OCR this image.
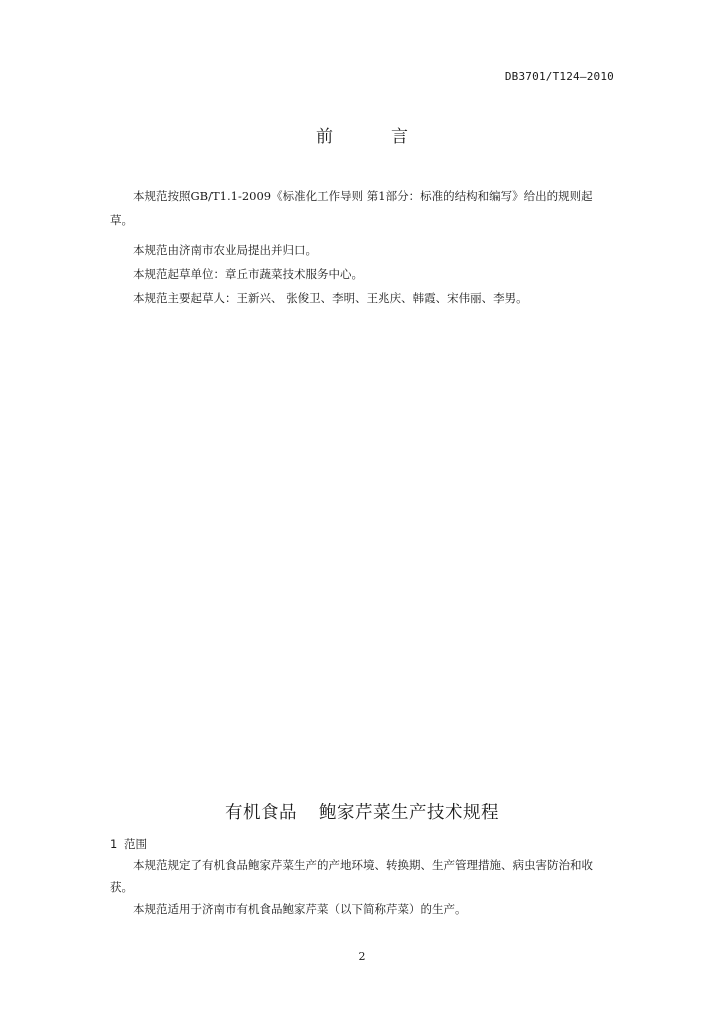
DB3701/T124—2010
前	言

本规范按照GB/T1.1-2009《标准化工作导则 第1部分：标准的结构和编写》给出的规则起草。

本规范由济南市农业局提出并归口。

本规范起草单位：章丘市蔬菜技术服务中心。

本规范主要起草人：王新兴、 张俊卫、李明、王兆庆、韩霞、宋伟丽、李男。

有机食品 鲍家芹菜生产技术规程
1 范围

本规范规定了有机食品鲍家芹菜生产的产地环境、转换期、生产管理措施、病虫害防治和收获。

本规范适用于济南市有机食品鲍家芹菜（以下简称芹菜）的生产。

2
